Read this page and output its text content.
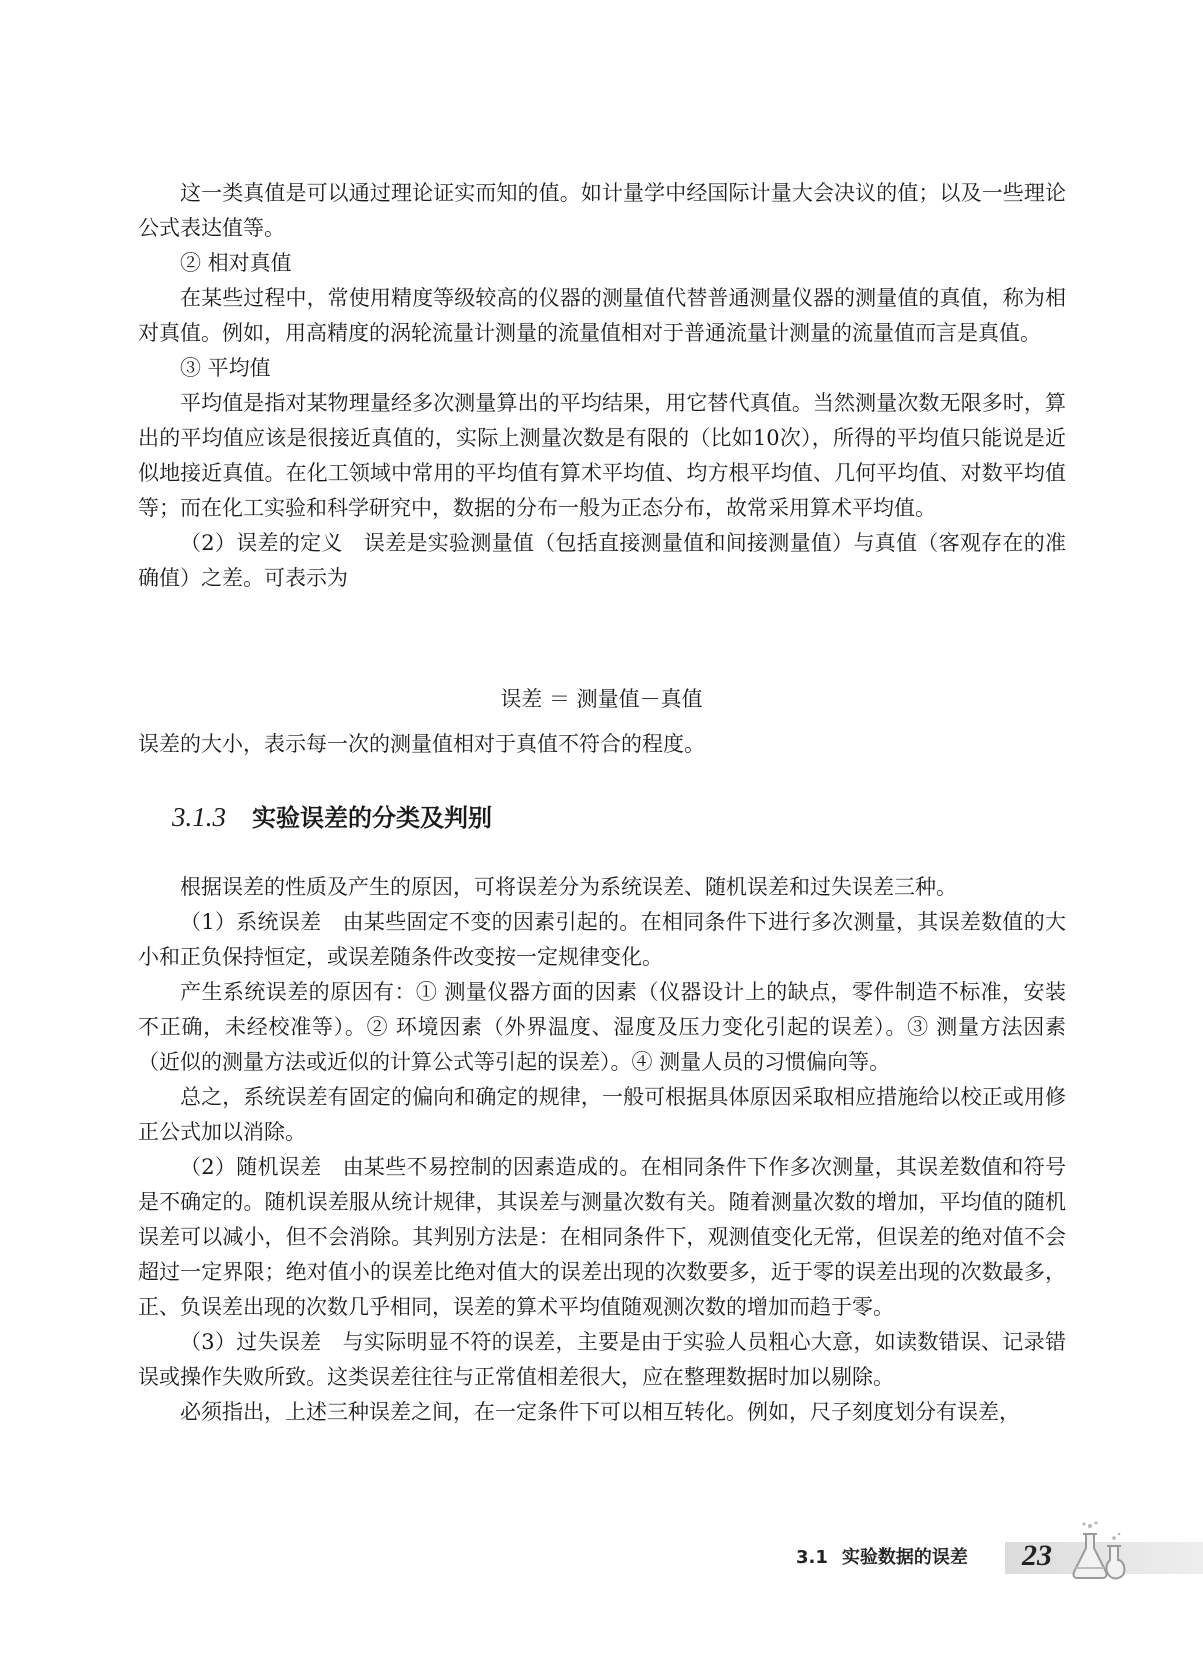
这一类真值是可以通过理论证实而知的值。如计量学中经国际计量大会决议的值；以及一些理论公式表达值等。

② 相对真值

在某些过程中，常使用精度等级较高的仪器的测量值代替普通测量仪器的测量值的真值，称为相对真值。例如，用高精度的涡轮流量计测量的流量值相对于普通流量计测量的流量值而言是真值。

③ 平均值

平均值是指对某物理量经多次测量算出的平均结果，用它替代真值。当然测量次数无限多时，算出的平均值应该是很接近真值的，实际上测量次数是有限的（比如10次），所得的平均值只能说是近似地接近真值。在化工领域中常用的平均值有算术平均值、均方根平均值、几何平均值、对数平均值等；而在化工实验和科学研究中，数据的分布一般为正态分布，故常采用算术平均值。

（2）误差的定义　误差是实验测量值（包括直接测量值和间接测量值）与真值（客观存在的准确值）之差。可表示为

误差 ＝ 测量值－真值

误差的大小，表示每一次的测量值相对于真值不符合的程度。

3.1.3 实验误差的分类及判别

根据误差的性质及产生的原因，可将误差分为系统误差、随机误差和过失误差三种。

（1）系统误差　由某些固定不变的因素引起的。在相同条件下进行多次测量，其误差数值的大小和正负保持恒定，或误差随条件改变按一定规律变化。

产生系统误差的原因有：① 测量仪器方面的因素（仪器设计上的缺点，零件制造不标准，安装不正确，未经校准等）。② 环境因素（外界温度、湿度及压力变化引起的误差）。③ 测量方法因素（近似的测量方法或近似的计算公式等引起的误差）。④ 测量人员的习惯偏向等。

总之，系统误差有固定的偏向和确定的规律，一般可根据具体原因采取相应措施给以校正或用修正公式加以消除。

（2）随机误差　由某些不易控制的因素造成的。在相同条件下作多次测量，其误差数值和符号是不确定的。随机误差服从统计规律，其误差与测量次数有关。随着测量次数的增加，平均值的随机误差可以减小，但不会消除。其判别方法是：在相同条件下，观测值变化无常，但误差的绝对值不会超过一定界限；绝对值小的误差比绝对值大的误差出现的次数要多，近于零的误差出现的次数最多，正、负误差出现的次数几乎相同，误差的算术平均值随观测次数的增加而趋于零。

（3）过失误差　与实际明显不符的误差，主要是由于实验人员粗心大意，如读数错误、记录错误或操作失败所致。这类误差往往与正常值相差很大，应在整理数据时加以剔除。

必须指出，上述三种误差之间，在一定条件下可以相互转化。例如，尺子刻度划分有误差，

3.1 实验数据的误差 23
